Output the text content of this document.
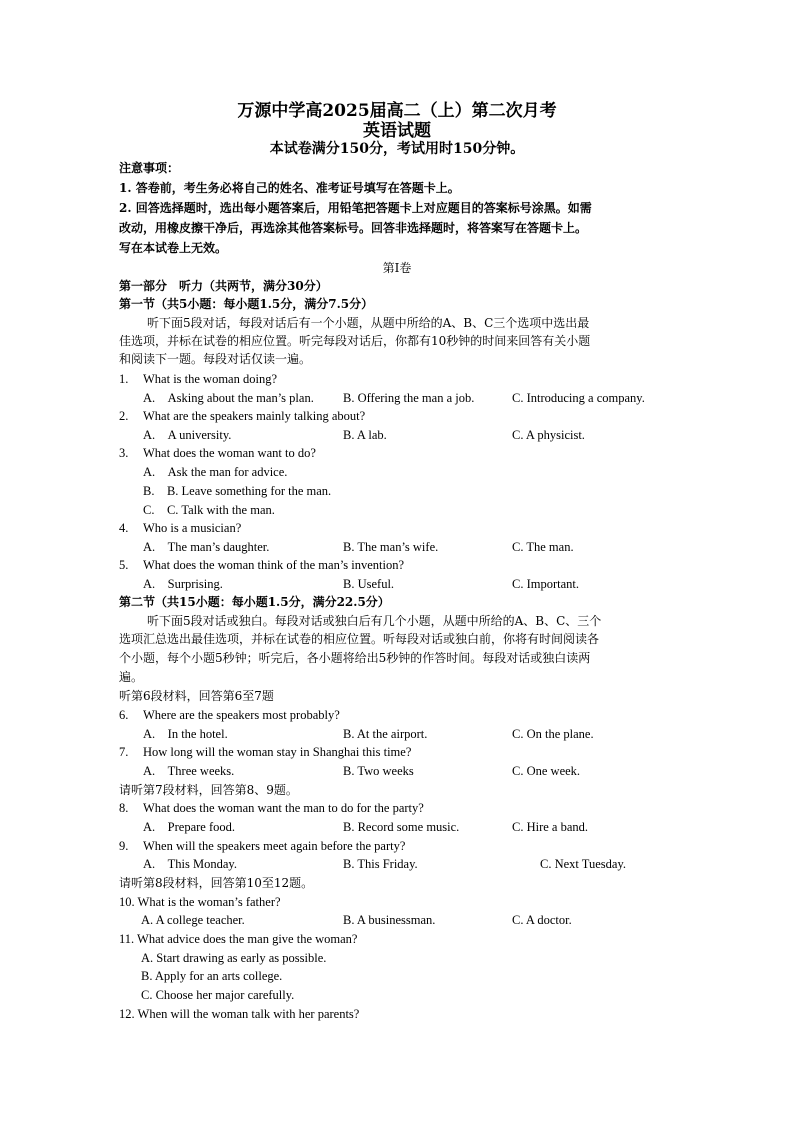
万源中学高2025届高二（上）第二次月考
英语试题
本试卷满分150分，考试用时150分钟。
注意事项：
1. 答卷前，考生务必将自己的姓名、准考证号填写在答题卡上。
2. 回答选择题时，选出每小题答案后，用铅笔把答题卡上对应题目的答案标号涂黑。如需
改动，用橡皮擦干净后，再选涂其他答案标号。回答非选择题时，将答案写在答题卡上。
写在本试卷上无效。
第Ⅰ卷
第一部分　听力（共两节，满分30分）
第一节（共5小题：每小题1.5分，满分7.5分）
听下面5段对话，每段对话后有一个小题，从题中所给的A、B、C三个选项中选出最
佳选项，并标在试卷的相应位置。听完每段对话后，你都有10秒钟的时间来回答有关小题
和阅读下一题。每段对话仅读一遍。
1. What is the woman doing?
A.　Asking about the man’s plan. B. Offering the man a job.	C. Introducing a company.
2. What are the speakers mainly talking about?
A.　A university.	B. A lab.	C. A physicist.
3. What does the woman want to do?
A.　Ask the man for advice.
B.　B. Leave something for the man.
C.　C. Talk with the man.
4. Who is a musician?
A.　The man’s daughter.	B. The man’s wife.	C. The man.
5. What does the woman think of the man’s invention?
A.　Surprising.	B. Useful.	C. Important.
第二节（共15小题：每小题1.5分，满分22.5分）
听下面5段对话或独白。每段对话或独白后有几个小题，从题中所给的A、B、C、三个
选项汇总选出最佳选项，并标在试卷的相应位置。听每段对话或独白前，你将有时间阅读各
个小题，每个小题5秒钟；听完后，各小题将给出5秒钟的作答时间。每段对话或独白读两
遍。
听第6段材料，回答第6至7题
6. Where are the speakers most probably?
A.　In the hotel.	B. At the airport.	C. On the plane.
7. How long will the woman stay in Shanghai this time?
A.　Three weeks.	B. Two weeks	C. One week.
请听第7段材料，回答第8、9题。
8. What does the woman want the man to do for the party?
A.　Prepare food.	B. Record some music.	C. Hire a band.
9. When will the speakers meet again before the party?
A.　This Monday.	B. This Friday.	C. Next Tuesday.
请听第8段材料，回答第10至12题。
10. What is the woman’s father?
A. A college teacher.	B. A businessman.	C. A doctor.
11. What advice does the man give the woman?
A. Start drawing as early as possible.
B. Apply for an arts college.
C. Choose her major carefully.
12. When will the woman talk with her parents?
